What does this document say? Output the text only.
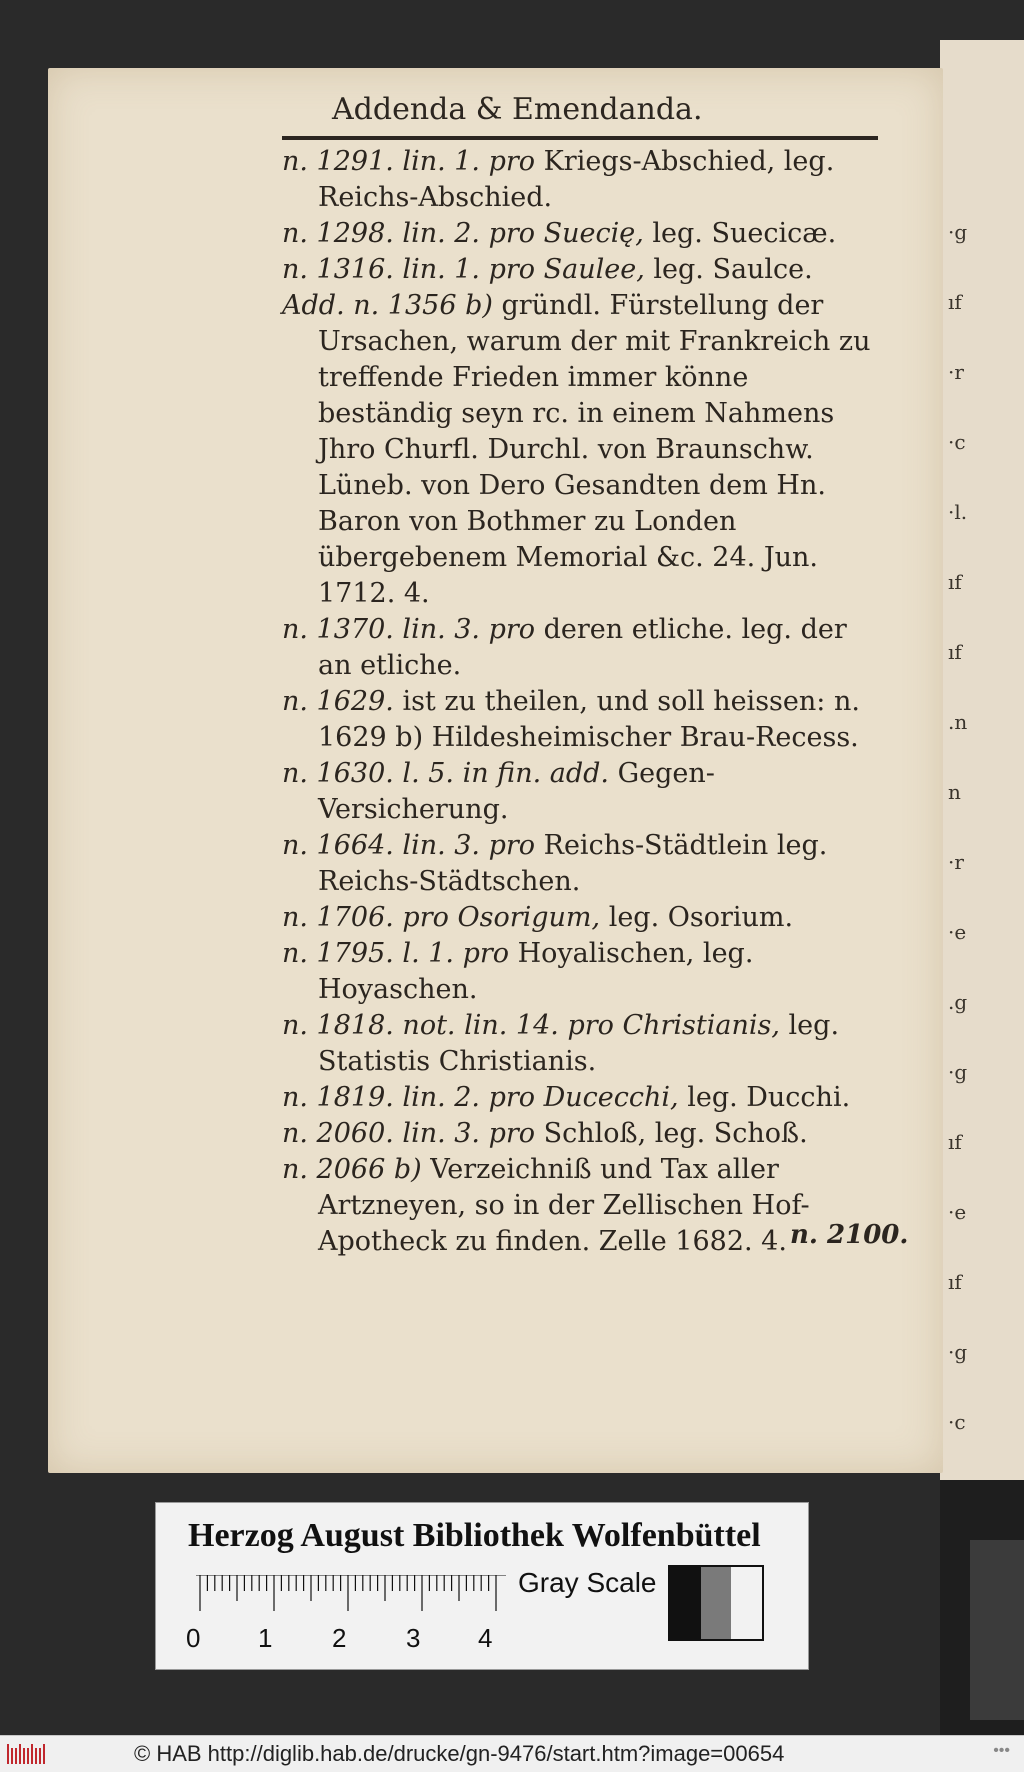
·g
ıf
·r
·c
·l.
ıf
ıf
.n
n
·r
·e
.g
·g
ıf
·e
ıf
·g
·c
Addenda & Emendanda.

n. 1291. lin. 1. pro Kriegs-Abschied, leg. Reichs-Abschied.

n. 1298. lin. 2. pro Suecię, leg. Suecicæ.

n. 1316. lin. 1. pro Saulee, leg. Saulce.

Add. n. 1356 b) gründl. Fürstellung der Ursachen, warum der mit Frankreich zu treffende Frieden immer könne beständig seyn rc. in einem Nahmens Jhro Churfl. Durchl. von Braunschw. Lüneb. von Dero Gesandten dem Hn. Baron von Bothmer zu Londen übergebenem Memorial &c. 24. Jun. 1712. 4.

n. 1370. lin. 3. pro deren etliche. leg. der an etliche.

n. 1629. ist zu theilen, und soll heissen: n. 1629 b) Hildesheimischer Brau-Recess.

n. 1630. l. 5. in fin. add. Gegen-Versicherung.

n. 1664. lin. 3. pro Reichs-Städtlein leg. Reichs-Städtschen.

n. 1706. pro Osorigum, leg. Osorium.

n. 1795. l. 1. pro Hoyalischen, leg. Hoyaschen.

n. 1818. not. lin. 14. pro Christianis, leg. Statistis Christianis.

n. 1819. lin. 2. pro Ducecchi, leg. Ducchi.

n. 2060. lin. 3. pro Schloß, leg. Schoß.

n. 2066 b) Verzeichniß und Tax aller Artzneyen, so in der Zellischen Hof-Apotheck zu finden. Zelle 1682. 4. n. 2100.
Herzog August Bibliothek Wolfenbüttel
0 1 2 3 4
Gray Scale
© HAB http://diglib.hab.de/drucke/gn-9476/start.htm?image=00654	•••
